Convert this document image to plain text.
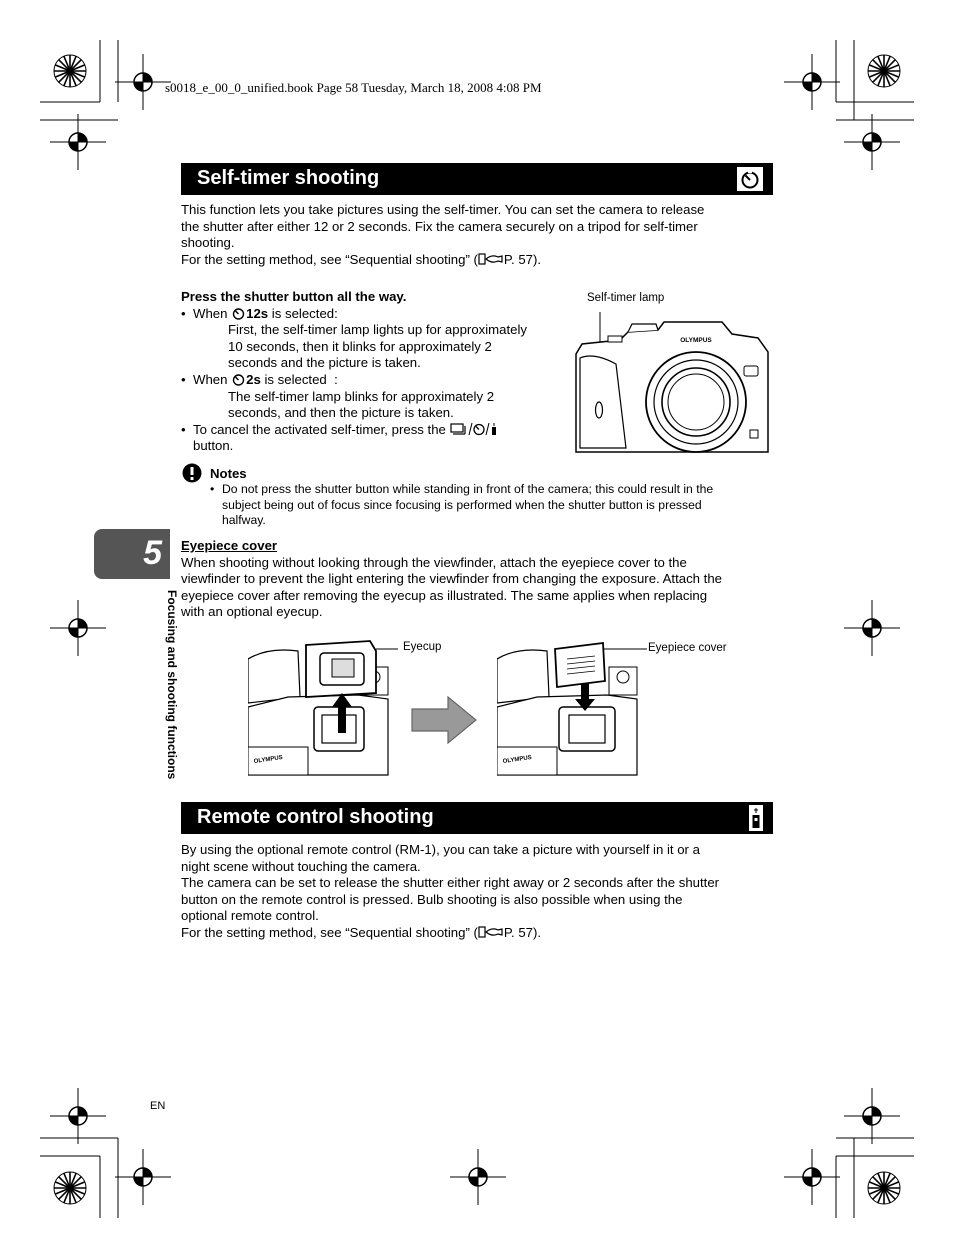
s0018_e_00_0_unified.book Page 58 Tuesday, March 18, 2008 4:08 PM
Self-timer shooting
This function lets you take pictures using the self-timer. You can set the camera to release
the shutter after either 12 or 2 seconds. Fix the camera securely on a tripod for self-timer
shooting.
For the setting method, see “Sequential shooting” ( P. 57).
Press the shutter button all the way.
• When 12s is selected:
First, the self-timer lamp lights up for approximately
10 seconds, then it blinks for approximately 2
seconds and the picture is taken.
• When 2s is selected  :
The self-timer lamp blinks for approximately 2
seconds, and then the picture is taken.
• To cancel the activated self-timer, press the
button.
Self-timer lamp
OLYMPUS
Notes
• Do not press the shutter button while standing in front of the camera; this could result in the
subject being out of focus since focusing is performed when the shutter button is pressed
halfway.
5
Focusing and shooting functions
Eyepiece cover
When shooting without looking through the viewfinder, attach the eyepiece cover to the
viewfinder to prevent the light entering the viewfinder from changing the exposure. Attach the
eyepiece cover after removing the eyecup as illustrated. The same applies when replacing
with an optional eyecup.
OLYMPUS
Eyecup
OLYMPUS
Eyepiece cover
Remote control shooting
By using the optional remote control (RM-1), you can take a picture with yourself in it or a
night scene without touching the camera.
The camera can be set to release the shutter either right away or 2 seconds after the shutter
button on the remote control is pressed. Bulb shooting is also possible when using the
optional remote control.
For the setting method, see “Sequential shooting” ( P. 57).
EN
